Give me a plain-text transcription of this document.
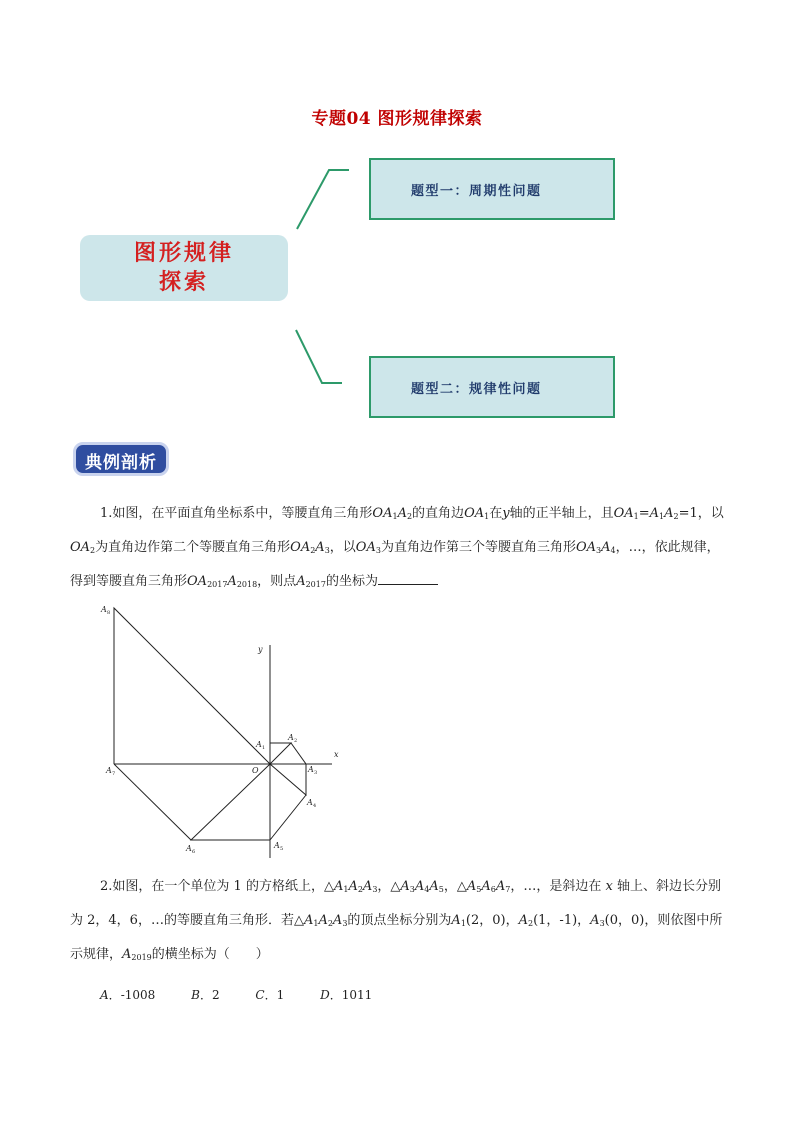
专题04 图形规律探索
图形规律
探索
题型一：周期性问题
题型二：规律性问题
典例剖析
1.如图，在平面直角坐标系中，等腰直角三角形$OA_1A_2$的直角边$OA_1$在y轴的正半轴上，且$OA_1=A_1A_2=1$，以$OA_2$为直角边作第二个等腰直角三角形$OA_2A_3$，以$OA_3$为直角边作第三个等腰直角三角形$OA_3A_4$，…，依此规律，得到等腰直角三角形$OA_{2017}A_{2018}$，则点$A_{2017}$的坐标为
A 8
y
A 1
A 2
x
A 7	O	A 3
A 4
A 6
A 5
2.如图，在一个单位为 1 的方格纸上，$\triangle A_1A_2A_3$，$\triangle A_3A_4A_5$，$\triangle A_5A_6A_7$，…，是斜边在 x 轴上、斜边长分别为 2，4，6，…的等腰直角三角形．若$\triangle A_1A_2A_3$的顶点坐标分别为$A_1(2$，0)，$A_2(1$，-1)，$A_3(0$，0)，则依图中所示规律，$A_{2019}$的横坐标为（　　）
A．-1008	B．2	C．1	D．1011
